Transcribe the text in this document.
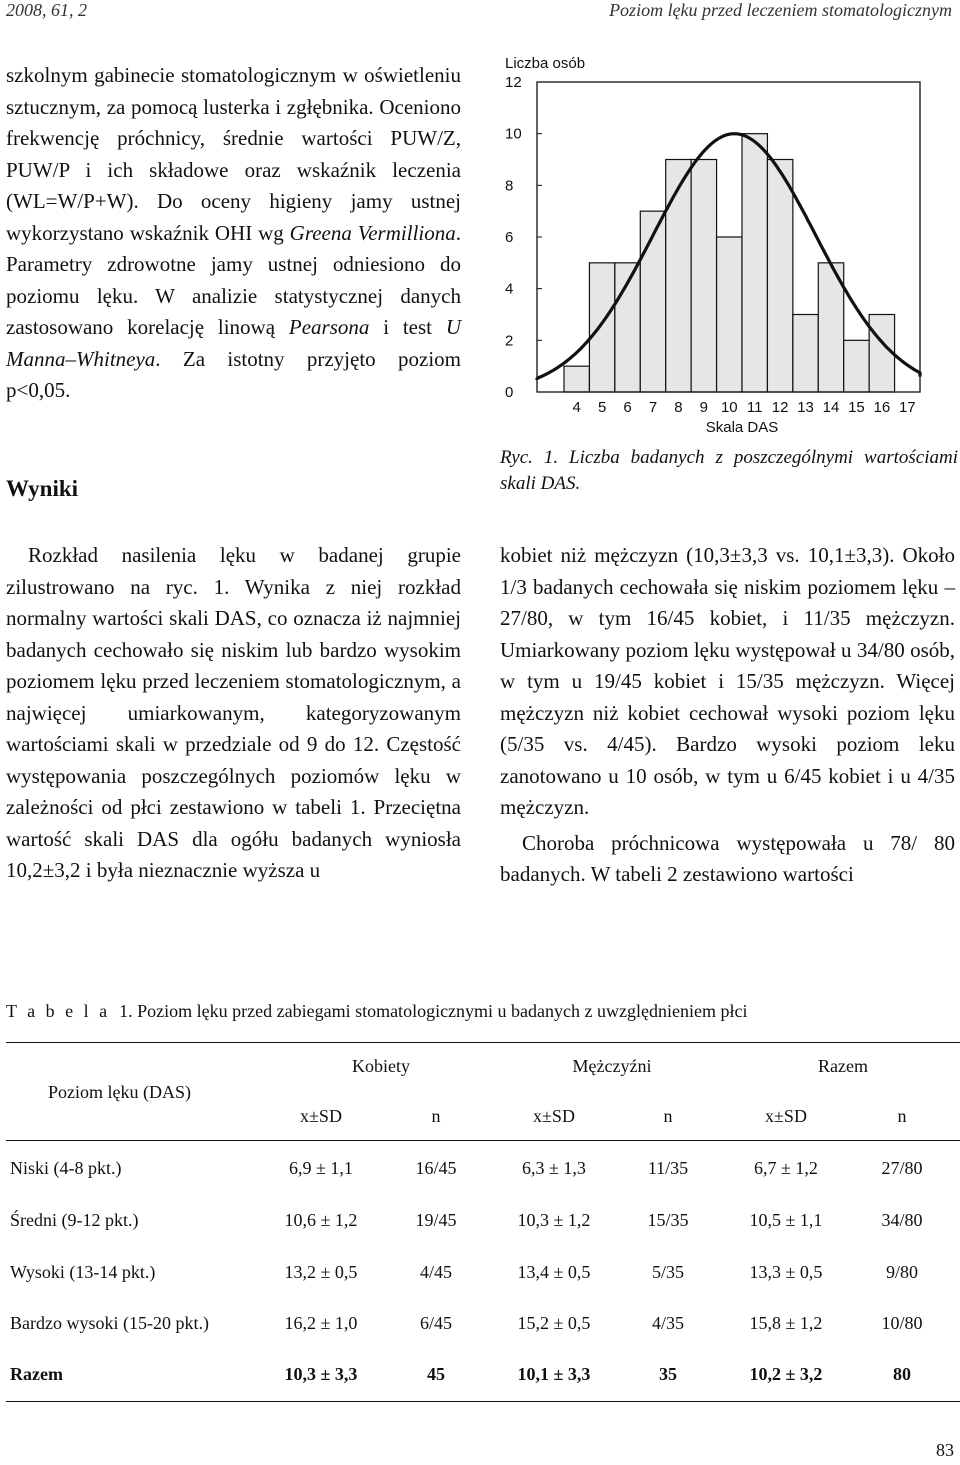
2008, 61, 2	Poziom lęku przed leczeniem stomatologicznym

szkolnym gabinecie stomatologicznym w oświetleniu sztucznym, za pomocą lusterka i zgłębnika. Oceniono frekwencję próchnicy, średnie wartości PUW/Z, PUW/P i ich składowe oraz wskaźnik leczenia (WL=W/P+W). Do oceny higieny jamy ustnej wykorzystano wskaźnik OHI wg Greena Vermilliona. Parametry zdrowotne jamy ustnej odniesiono do poziomu lęku. W analizie statystycznej danych zastosowano korelację linową Pearsona i test U Manna–Whitneya. Za istotny przyjęto poziom p<0,05.

Wyniki
Liczba osób
0
2
4
6
8
10
12
4 5 6 7 8 9 10 11 12 13 14 15 16 17
Skala DAS

Ryc. 1. Liczba badanych z poszczególnymi wartościami skali DAS.

Rozkład nasilenia lęku w badanej grupie zilustrowano na ryc. 1. Wynika z niej rozkład normalny wartości skali DAS, co oznacza iż najmniej badanych cechowało się niskim lub bardzo wysokim poziomem lęku przed leczeniem stomatologicznym, a najwięcej umiarkowanym, kategoryzowanym wartościami skali w przedziale od 9 do 12. Częstość występowania poszczególnych poziomów lęku w zależności od płci zestawiono w tabeli 1. Przeciętna wartość skali DAS dla ogółu badanych wyniosła 10,2±3,2 i była nieznacznie wyższa u

kobiet niż mężczyzn (10,3±3,3 vs. 10,1±3,3). Około 1/3 badanych cechowała się niskim poziomem lęku – 27/80, w tym 16/45 kobiet, i 11/35 mężczyzn. Umiarkowany poziom lęku występował u 34/80 osób, w tym u 19/45 kobiet i 15/35 mężczyzn. Więcej mężczyzn niż kobiet cechował wysoki poziom lęku (5/35 vs. 4/45). Bardzo wysoki poziom leku zanotowano u 10 osób, w tym u 6/45 kobiet i u 4/35 mężczyzn.

Choroba próchnicowa występowała u 78/ 80 badanych. W tabeli 2 zestawiono wartości

T a b e l a 1. Poziom lęku przed zabiegami stomatologicznymi u badanych z uwzględnieniem płci
Poziom lęku (DAS)
Kobiety	Mężczyźni	Razem
x±SD	n	x±SD	n	x±SD	n
Niski (4-8 pkt.)	6,9 ± 1,1	16/45	6,3 ± 1,3	11/35	6,7 ± 1,2	27/80
Średni (9-12 pkt.)	10,6 ± 1,2	19/45	10,3 ± 1,2	15/35	10,5 ± 1,1	34/80
Wysoki (13-14 pkt.)	13,2 ± 0,5	4/45	13,4 ± 0,5	5/35	13,3 ± 0,5	9/80
Bardzo wysoki (15-20 pkt.)	16,2 ± 1,0	6/45	15,2 ± 0,5	4/35	15,8 ± 1,2	10/80
Razem	10,3 ± 3,3	45	10,1 ± 3,3	35	10,2 ± 3,2	80
83
